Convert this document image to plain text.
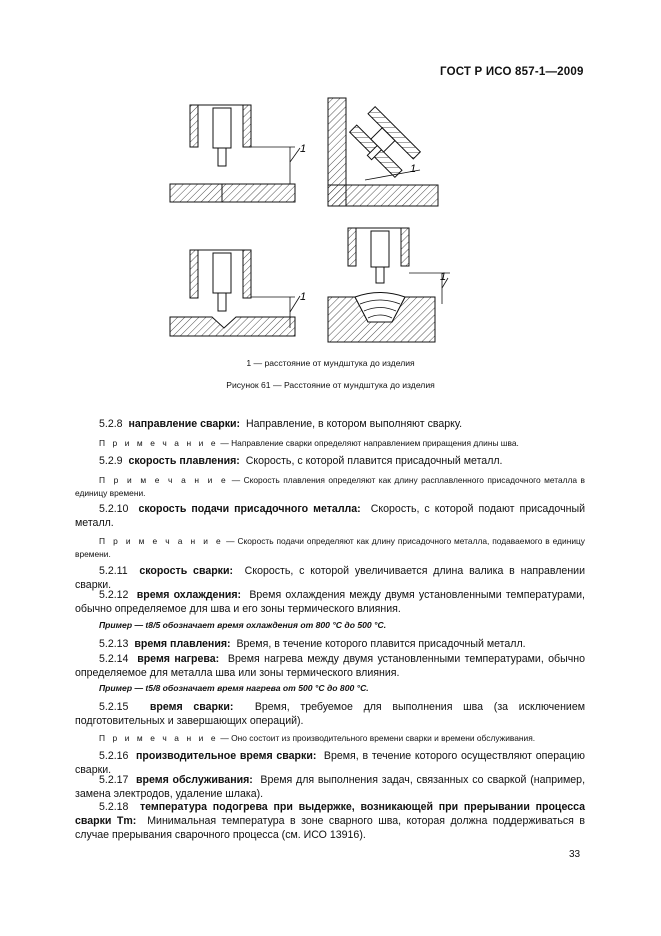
ГОСТ Р ИСО 857-1—2009
1
1
1
1
1 — расстояние от мундштука до изделия
Рисунок 61 — Расстояние от мундштука до изделия
5.2.8 направление сварки: Направление, в котором выполняют сварку.
П р и м е ч а н и е — Направление сварки определяют направлением приращения длины шва.
5.2.9 скорость плавления: Скорость, с которой плавится присадочный металл.
П р и м е ч а н и е — Скорость плавления определяют как длину расплавленного присадочного металла в единицу времени.
5.2.10 скорость подачи присадочного металла: Скорость, с которой подают присадочный металл.
П р и м е ч а н и е — Скорость подачи определяют как длину присадочного металла, подаваемого в единицу времени.
5.2.11 скорость сварки: Скорость, с которой увеличивается длина валика в направлении сварки.
5.2.12 время охлаждения: Время охлаждения между двумя установленными температурами, обычно определяемое для шва и его зоны термического влияния.
Пример — t8/5 обозначает время охлаждения от 800 °С до 500 °С.
5.2.13 время плавления: Время, в течение которого плавится присадочный металл.
5.2.14 время нагрева: Время нагрева между двумя установленными температурами, обычно определяемое для металла шва или зоны термического влияния.
Пример — t5/8 обозначает время нагрева от 500 °С до 800 °С.
5.2.15 время сварки: Время, требуемое для выполнения шва (за исключением подготовительных и завершающих операций).
П р и м е ч а н и е — Оно состоит из производительного времени сварки и времени обслуживания.
5.2.16 производительное время сварки: Время, в течение которого осуществляют операцию сварки.
5.2.17 время обслуживания: Время для выполнения задач, связанных со сваркой (например, замена электродов, удаление шлака).
5.2.18 температура подогрева при выдержке, возникающей при прерывании процесса сварки Tm: Минимальная температура в зоне сварного шва, которая должна поддерживаться в случае прерывания сварочного процесса (см. ИСО 13916).
33
